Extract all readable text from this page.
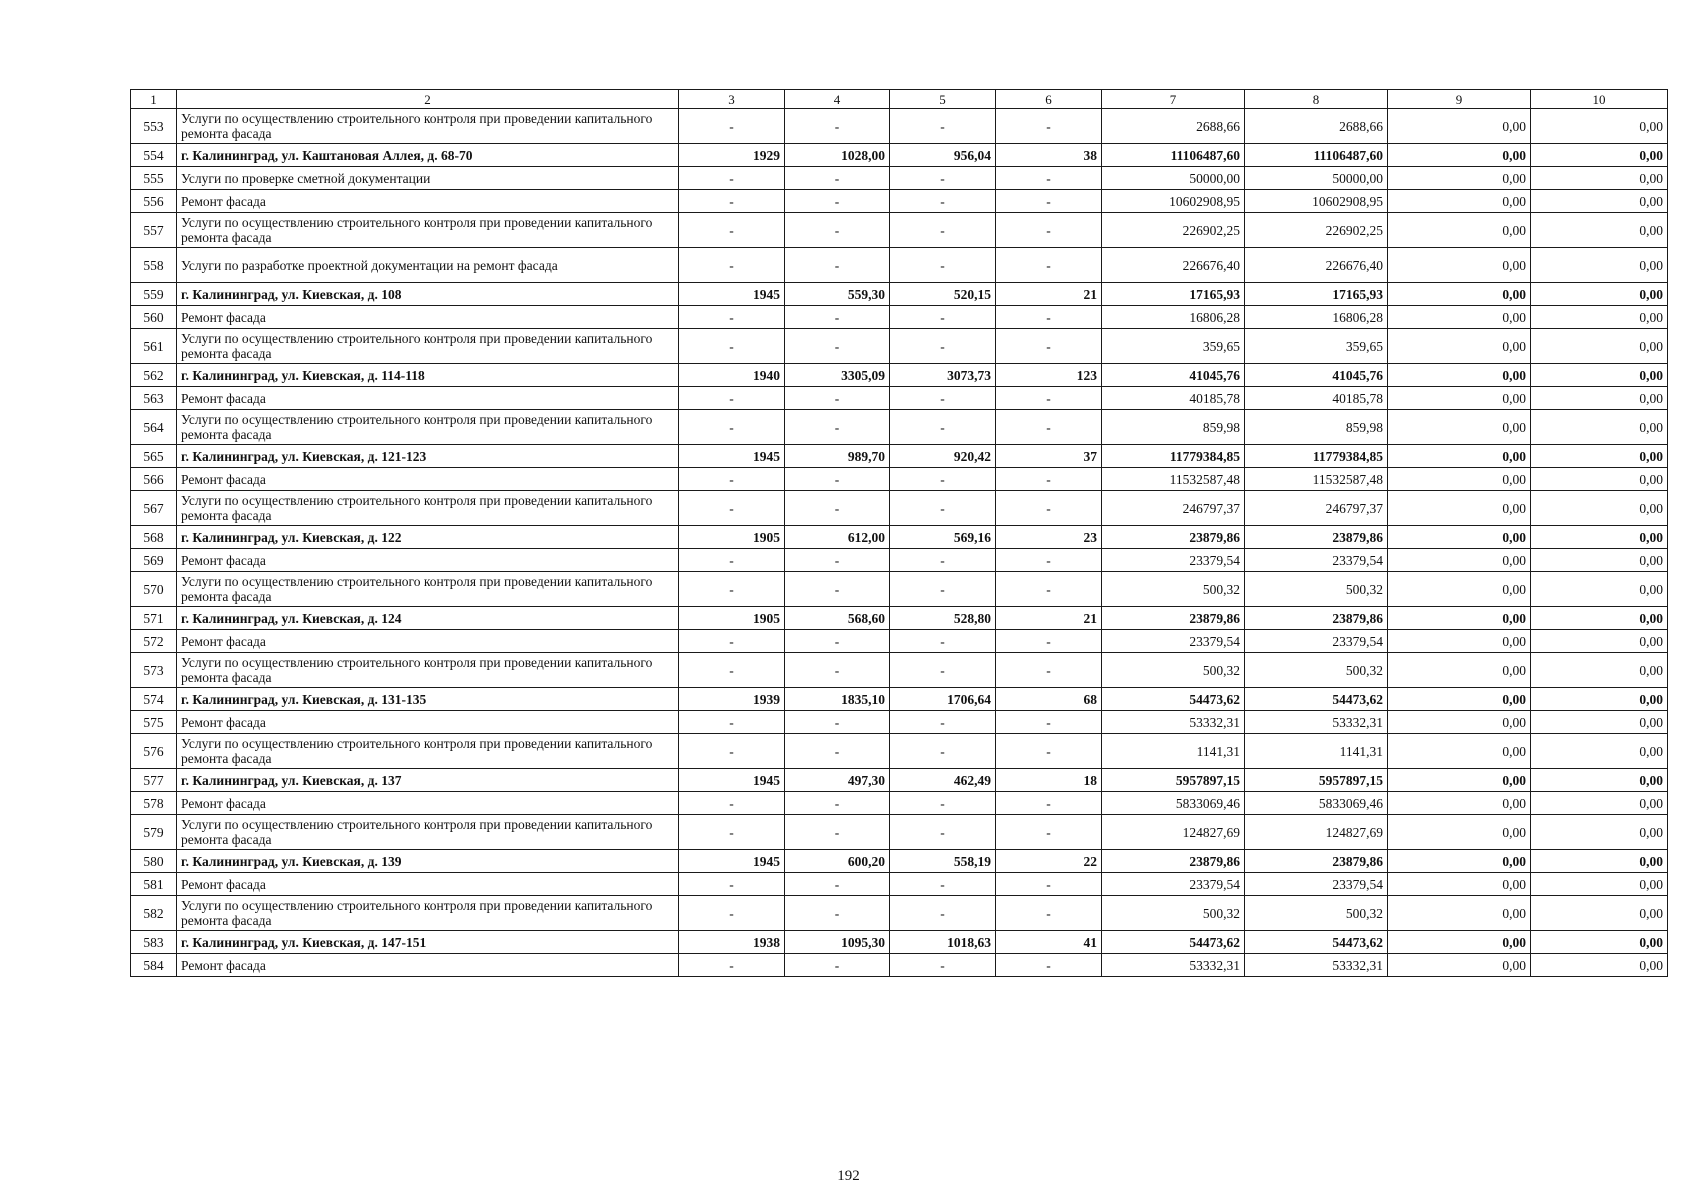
1	2	3	4	5	6	7	8	9	10
553	Услуги по осуществлению строительного контроля при проведении капитального ремонта фасада	-	-	-	-	2688,66	2688,66	0,00	0,00
554	г. Калининград, ул. Каштановая Аллея, д. 68-70	1929	1028,00	956,04	38	11106487,60	11106487,60	0,00	0,00
555	Услуги по проверке сметной документации	-	-	-	-	50000,00	50000,00	0,00	0,00
556	Ремонт фасада	-	-	-	-	10602908,95	10602908,95	0,00	0,00
557	Услуги по осуществлению строительного контроля при проведении капитального ремонта фасада	-	-	-	-	226902,25	226902,25	0,00	0,00
558	Услуги по разработке проектной документации на ремонт фасада	-	-	-	-	226676,40	226676,40	0,00	0,00
559	г. Калининград, ул. Киевская, д. 108	1945	559,30	520,15	21	17165,93	17165,93	0,00	0,00
560	Ремонт фасада	-	-	-	-	16806,28	16806,28	0,00	0,00
561	Услуги по осуществлению строительного контроля при проведении капитального ремонта фасада	-	-	-	-	359,65	359,65	0,00	0,00
562	г. Калининград, ул. Киевская, д. 114-118	1940	3305,09	3073,73	123	41045,76	41045,76	0,00	0,00
563	Ремонт фасада	-	-	-	-	40185,78	40185,78	0,00	0,00
564	Услуги по осуществлению строительного контроля при проведении капитального ремонта фасада	-	-	-	-	859,98	859,98	0,00	0,00
565	г. Калининград, ул. Киевская, д. 121-123	1945	989,70	920,42	37	11779384,85	11779384,85	0,00	0,00
566	Ремонт фасада	-	-	-	-	11532587,48	11532587,48	0,00	0,00
567	Услуги по осуществлению строительного контроля при проведении капитального ремонта фасада	-	-	-	-	246797,37	246797,37	0,00	0,00
568	г. Калининград, ул. Киевская, д. 122	1905	612,00	569,16	23	23879,86	23879,86	0,00	0,00
569	Ремонт фасада	-	-	-	-	23379,54	23379,54	0,00	0,00
570	Услуги по осуществлению строительного контроля при проведении капитального ремонта фасада	-	-	-	-	500,32	500,32	0,00	0,00
571	г. Калининград, ул. Киевская, д. 124	1905	568,60	528,80	21	23879,86	23879,86	0,00	0,00
572	Ремонт фасада	-	-	-	-	23379,54	23379,54	0,00	0,00
573	Услуги по осуществлению строительного контроля при проведении капитального ремонта фасада	-	-	-	-	500,32	500,32	0,00	0,00
574	г. Калининград, ул. Киевская, д. 131-135	1939	1835,10	1706,64	68	54473,62	54473,62	0,00	0,00
575	Ремонт фасада	-	-	-	-	53332,31	53332,31	0,00	0,00
576	Услуги по осуществлению строительного контроля при проведении капитального ремонта фасада	-	-	-	-	1141,31	1141,31	0,00	0,00
577	г. Калининград, ул. Киевская, д. 137	1945	497,30	462,49	18	5957897,15	5957897,15	0,00	0,00
578	Ремонт фасада	-	-	-	-	5833069,46	5833069,46	0,00	0,00
579	Услуги по осуществлению строительного контроля при проведении капитального ремонта фасада	-	-	-	-	124827,69	124827,69	0,00	0,00
580	г. Калининград, ул. Киевская, д. 139	1945	600,20	558,19	22	23879,86	23879,86	0,00	0,00
581	Ремонт фасада	-	-	-	-	23379,54	23379,54	0,00	0,00
582	Услуги по осуществлению строительного контроля при проведении капитального ремонта фасада	-	-	-	-	500,32	500,32	0,00	0,00
583	г. Калининград, ул. Киевская, д. 147-151	1938	1095,30	1018,63	41	54473,62	54473,62	0,00	0,00
584	Ремонт фасада	-	-	-	-	53332,31	53332,31	0,00	0,00
192
